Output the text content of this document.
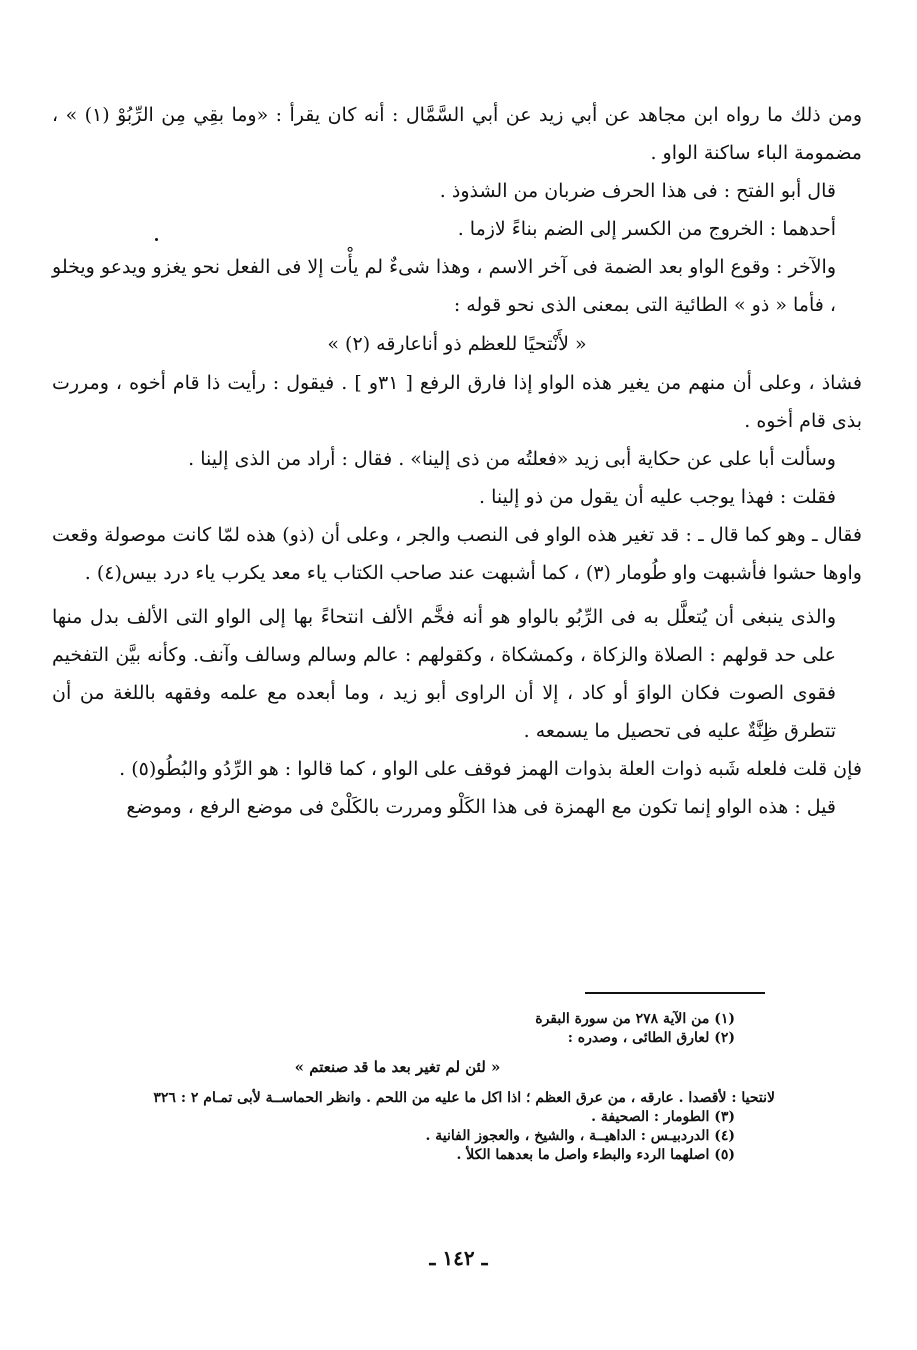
ومن ذلك ما رواه ابن مجاهد عن أبي زيد عن أبي السَّمَّال : أنه كان يقرأ : «وما بقِي مِن الرِّبُوْ (١) » ، مضمومة الباء ساكنة الواو .

قال أبو الفتح : فى هذا الحرف ضربان من الشذوذ .

أحدهما : الخروج من الكسر إلى الضم بناءً لازما .

والآخر : وقوع الواو بعد الضمة فى آخر الاسم ، وهذا شىءٌ لم يأْت إلا فى الفعل نحو يغزو ويدعو ويخلو ، فأما « ذو » الطائية التى بمعنى الذى نحو قوله :

« لأَنْتحيًا للعظم ذو أناعارقه (٢) »

فشاذ ، وعلى أن منهم من يغير هذه الواو إذا فارق الرفع [ ٣١و ] . فيقول : رأيت ذا قام أخوه ، ومررت بذى قام أخوه .

وسألت أبا على عن حكاية أبى زيد «فعلتُه من ذى إلينا» . فقال : أراد من الذى إلينا .

فقلت : فهذا يوجب عليه أن يقول من ذو إلينا .

فقال ـ وهو كما قال ـ : قد تغير هذه الواو فى النصب والجر ، وعلى أن (ذو) هذه لمّا كانت موصولة وقعت واوها حشوا فأشبهت واو طُومار (٣) ، كما أشبهت عند صاحب الكتاب ياء معد يكرب ياء درد بيس(٤) .

والذى ينبغى أن يُتعلَّل به فى الرِّبُو بالواو هو أنه فخَّم الألف انتحاءً بها إلى الواو التى الألف بدل منها على حد قولهم : الصلاة والزكاة ، وكمشكاة ، وكقولهم : عالم وسالم وسالف وآنف. وكأنه بيَّن التفخيم فقوى الصوت فكان الواوَ أو كاد ، إلا أن الراوى أبو زيد ، وما أبعده مع علمه وفقهه باللغة من أن تتطرق ظِنَّةٌ عليه فى تحصيل ما يسمعه .

فإن قلت فلعله شَبه ذوات العلة بذوات الهمز فوقف على الواو ، كما قالوا : هو الرِّدُو والبُطُو(٥) .

قيل : هذه الواو إنما تكون مع الهمزة فى هذا الكَلْو ومررت بالكَلْىْ فى موضع الرفع ، وموضع

(١) من الآية ٢٧٨ من سورة البقرة

(٢) لعارق الطائى ، وصدره :

« لئن لم تغير بعد ما قد صنعتم »

لانتحيا : لأقصدا . عارقه ، من عرق العظم ؛ اذا اكل ما عليه من اللحم . وانظر الحماســة لأبى تمـام ٢ : ٣٢٦

(٣) الطومار : الصحيفة .

(٤) الدردبيـس : الداهيــة ، والشيخ ، والعجوز الفانية .

(٥) اصلهما الردء والبطء واصل ما بعدهما الكلأ .

ـ ١٤٢ ـ
